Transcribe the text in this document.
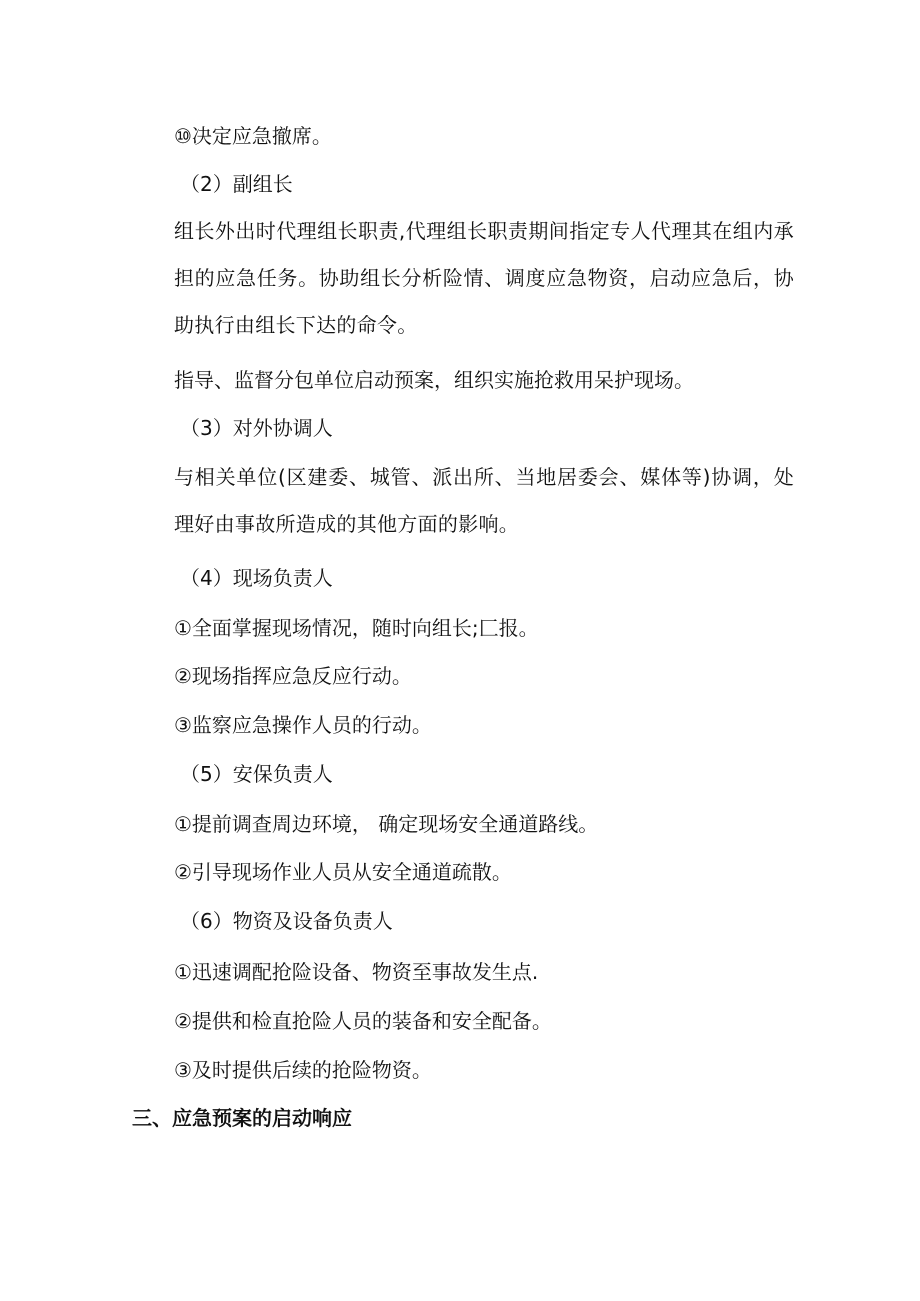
⑩决定应急撤席。
（2）副组长
组长外出时代理组长职责,代理组长职责期间指定专人代理其在组内承担的应急任务。协助组长分析险情、调度应急物资，启动应急后，协助执行由组长下达的命令。
指导、监督分包单位启动预案，组织实施抢救用呆护现场。
（3）对外协调人
与相关单位(区建委、城管、派出所、当地居委会、媒体等)协调，处理好由事故所造成的其他方面的影响。
（4）现场负责人
①全面掌握现场情况，随时向组长;匚报。
②现场指挥应急反应行动。
③监察应急操作人员的行动。
（5）安保负责人
①提前调查周边环境， 确定现场安全通道路线。
②引导现场作业人员从安全通道疏散。
（6）物资及设备负责人
①迅速调配抢险设备、物资至事故发生点.
②提供和检直抢险人员的装备和安全配备。
③及时提供后续的抢险物资。
三、应急预案的启动响应
